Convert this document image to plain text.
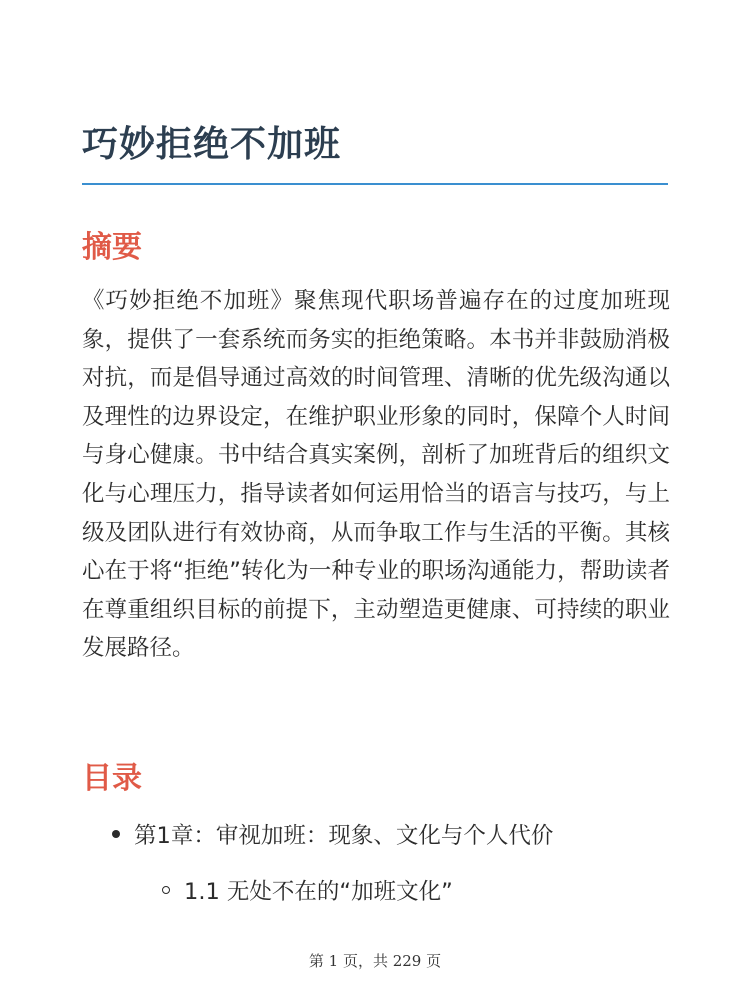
巧妙拒绝不加班
摘要

《巧妙拒绝不加班》聚焦现代职场普遍存在的过度加班现象，提供了一套系统而务实的拒绝策略。本书并非鼓励消极对抗，而是倡导通过高效的时间管理、清晰的优先级沟通以及理性的边界设定，在维护职业形象的同时，保障个人时间与身心健康。书中结合真实案例，剖析了加班背后的组织文化与心理压力，指导读者如何运用恰当的语言与技巧，与上级及团队进行有效协商，从而争取工作与生活的平衡。其核心在于将“拒绝”转化为一种专业的职场沟通能力，帮助读者在尊重组织目标的前提下，主动塑造更健康、可持续的职业发展路径。

目录
第1章：审视加班：现象、文化与个人代价
1.1 无处不在的“加班文化”
第 1 页，共 229 页
